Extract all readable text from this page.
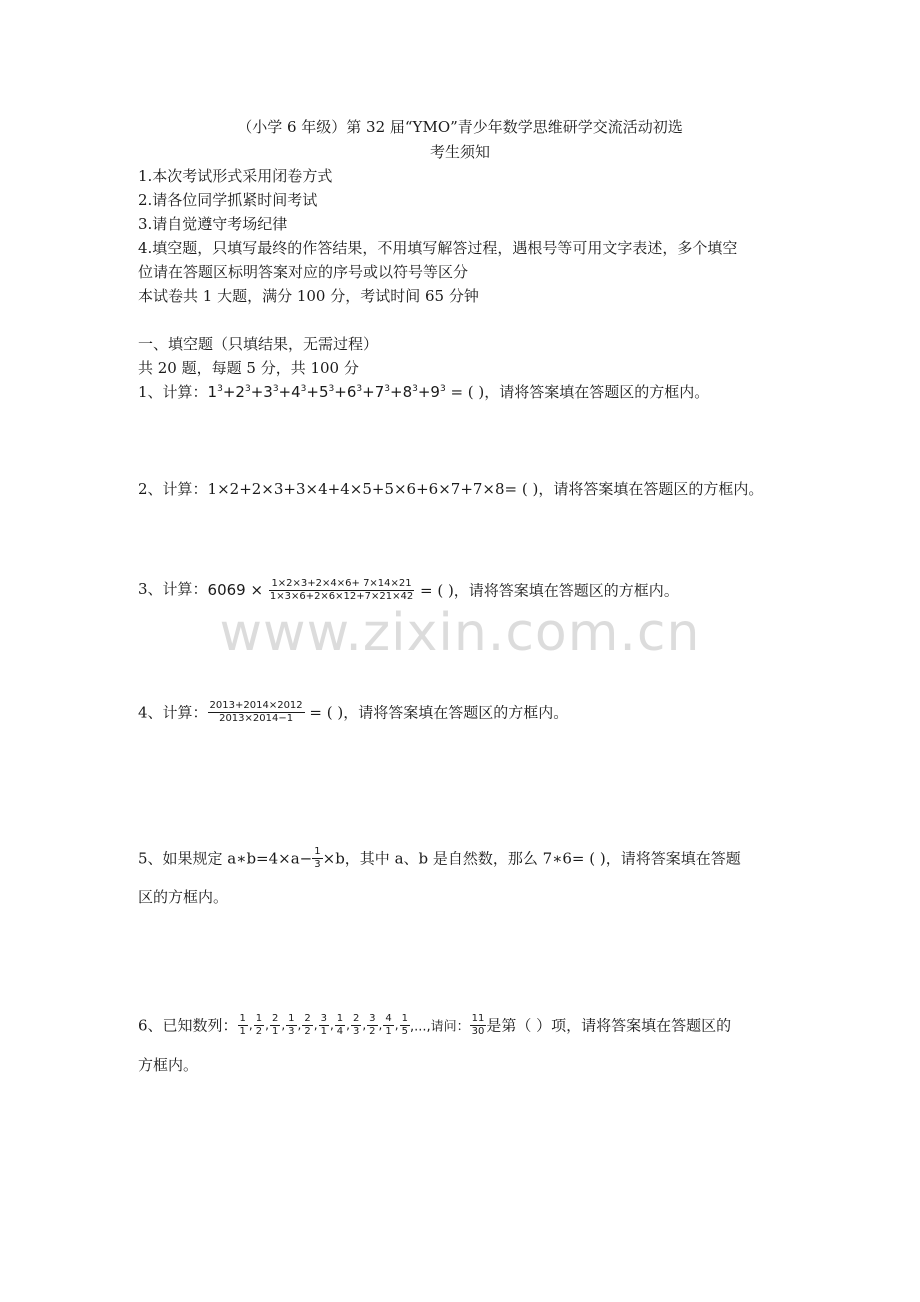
（小学 6 年级）第 32 届“YMO”青少年数学思维研学交流活动初选
考生须知
1.本次考试形式采用闭卷方式
2.请各位同学抓紧时间考试
3.请自觉遵守考场纪律
4.填空题，只填写最终的作答结果，不用填写解答过程，遇根号等可用文字表述，多个填空
位请在答题区标明答案对应的序号或以符号等区分
本试卷共 1 大题，满分 100 分，考试时间 65 分钟
一、填空题（只填结果，无需过程）
共 20 题，每题 5 分，共 100 分
1、计算：$1^3+2^3+3^3+4^3+5^3+6^3+7^3+8^3+9^3$ = ( )，请将答案填在答题区的方框内。
2、计算：1×2+2×3+3×4+4×5+5×6+6×7+7×8= ( )，请将答案填在答题区的方框内。
3、计算：$6069 \times \frac{1\times 2\times 3+2\times 4\times 6+ 7\times 14\times 21}{1\times 3\times 6+2\times 6\times 12+7\times 21\times 42}$ = ( )，请将答案填在答题区的方框内。
4、计算： $\frac{2013+2014\times 2012}{2013\times 2014-1}$ = ( )，请将答案填在答题区的方框内。
5、如果规定 a∗b=4×a− $\frac{1}{3} \times b$，其中 a、b 是自然数，那么 7∗6= ( )，请将答案填在答题
区的方框内。
6、已知数列： $\frac{1}{1}$ , $\frac{1}{2}$ , $\frac{2}{1}$ , $\frac{1}{3}$ , $\frac{2}{2}$ , $\frac{3}{1}$ , $\frac{1}{4}$ , $\frac{2}{3}$ , $\frac{3}{2}$ , $\frac{4}{1}$ , $\frac{1}{5}$ ,...,请问： $\frac{11}{30}$ 是第（ ）项，请将答案填在答题区的
方框内。
www.zixin.com.cn
